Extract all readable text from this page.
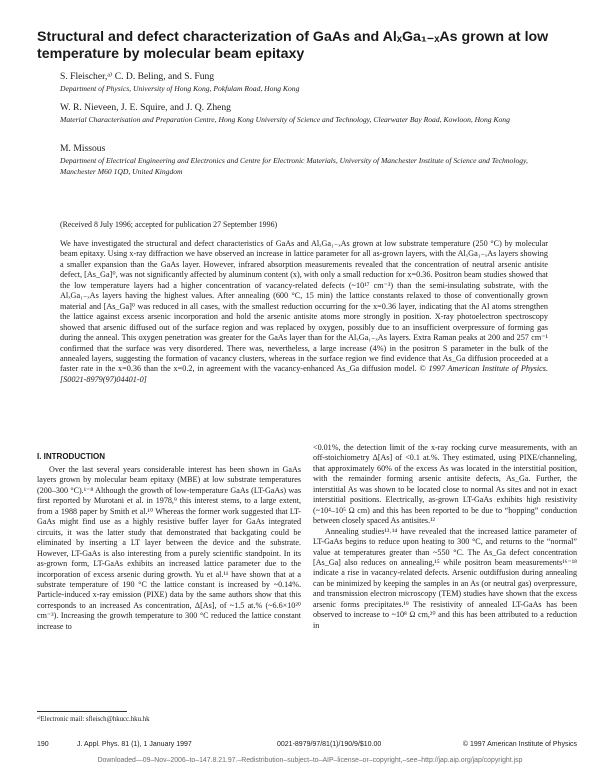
Structural and defect characterization of GaAs and AlₓGa₁₋ₓAs grown at low temperature by molecular beam epitaxy
S. Fleischer,ᵃ⁾ C. D. Beling, and S. Fung
Department of Physics, University of Hong Kong, Pokfulam Road, Hong Kong
W. R. Nieveen, J. E. Squire, and J. Q. Zheng
Material Characterisation and Preparation Centre, Hong Kong University of Science and Technology, Clearwater Bay Road, Kowloon, Hong Kong
M. Missous
Department of Electrical Engineering and Electronics and Centre for Electronic Materials, University of Manchester Institute of Science and Technology, Manchester M60 1QD, United Kingdom
(Received 8 July 1996; accepted for publication 27 September 1996)
We have investigated the structural and defect characteristics of GaAs and AlₓGa₁₋ₓAs grown at low substrate temperature (250 °C) by molecular beam epitaxy. Using x-ray diffraction we have observed an increase in lattice parameter for all as-grown layers, with the AlₓGa₁₋ₓAs layers showing a smaller expansion than the GaAs layer. However, infrared absorption measurements revealed that the concentration of neutral arsenic antisite defect, [As_Ga]⁰, was not significantly affected by aluminum content (x), with only a small reduction for x=0.36. Positron beam studies showed that the low temperature layers had a higher concentration of vacancy-related defects (~10¹⁷ cm⁻³) than the semi-insulating substrate, with the AlₓGa₁₋ₓAs layers having the highest values. After annealing (600 °C, 15 min) the lattice constants relaxed to those of conventionally grown material and [As_Ga]⁰ was reduced in all cases, with the smallest reduction occurring for the x=0.36 layer, indicating that the Al atoms strengthen the lattice against excess arsenic incorporation and hold the arsenic antisite atoms more strongly in position. X-ray photoelectron spectroscopy showed that arsenic diffused out of the surface region and was replaced by oxygen, possibly due to an insufficient overpressure of forming gas during the anneal. This oxygen penetration was greater for the GaAs layer than for the AlₓGa₁₋ₓAs layers. Extra Raman peaks at 200 and 257 cm⁻¹ confirmed that the surface was very disordered. There was, nevertheless, a large increase (4%) in the positron S parameter in the bulk of the annealed layers, suggesting the formation of vacancy clusters, whereas in the surface region we find evidence that As_Ga diffusion proceeded at a faster rate in the x=0.36 than the x=0.2, in agreement with the vacancy-enhanced As_Ga diffusion model. © 1997 American Institute of Physics. [S0021-8979(97)04401-0]
I. INTRODUCTION

Over the last several years considerable interest has been shown in GaAs layers grown by molecular beam epitaxy (MBE) at low substrate temperatures (200–300 °C).¹⁻⁸ Although the growth of low-temperature GaAs (LT-GaAs) was first reported by Murotani et al. in 1978,⁹ this interest stems, to a large extent, from a 1988 paper by Smith et al.¹⁰ Whereas the former work suggested that LT-GaAs might find use as a highly resistive buffer layer for GaAs integrated circuits, it was the latter study that demonstrated that backgating could be eliminated by inserting a LT layer between the device and the substrate. However, LT-GaAs is also interesting from a purely scientific standpoint. In its as-grown form, LT-GaAs exhibits an increased lattice parameter due to the incorporation of excess arsenic during growth. Yu et al.¹¹ have shown that at a substrate temperature of 190 °C the lattice constant is increased by ~0.14%. Particle-induced x-ray emission (PIXE) data by the same authors show that this corresponds to an increased As concentration, Δ[As], of ~1.5 at.% (~6.6×10²⁰ cm⁻³). Increasing the growth temperature to 300 °C reduced the lattice constant increase to

<0.01%, the detection limit of the x-ray rocking curve measurements, with an off-stoichiometry Δ[As] of <0.1 at.%. They estimated, using PIXE/channeling, that approximately 60% of the excess As was located in the interstitial position, with the remainder forming arsenic antisite defects, As_Ga. Further, the interstitial As was shown to be located close to normal As sites and not in exact interstitial positions. Electrically, as-grown LT-GaAs exhibits high resistivity (~10⁴–10⁵ Ω cm) and this has been reported to be due to “hopping” conduction between closely spaced As antisites.¹²

Annealing studies¹³˒¹⁴ have revealed that the increased lattice parameter of LT-GaAs begins to reduce upon heating to 300 °C, and returns to the “normal” value at temperatures greater than ~550 °C. The As_Ga defect concentration [As_Ga] also reduces on annealing,¹⁵ while positron beam measurements¹⁶⁻¹⁸ indicate a rise in vacancy-related defects. Arsenic outdiffusion during annealing can be minimized by keeping the samples in an As (or neutral gas) overpressure, and transmission electron microscopy (TEM) studies have shown that the excess arsenic forms precipitates.¹⁹ The resistivity of annealed LT-GaAs has been observed to increase to ~10⁸ Ω cm,²⁰ and this has been attributed to a reduction in

ᵃ⁾Electronic mail: sfleisch@hkucc.hku.hk
190	J. Appl. Phys. 81 (1), 1 January 1997	0021-8979/97/81(1)/190/9/$10.00	© 1997 American Institute of Physics
Downloaded—09–Nov–2006–to–147.8.21.97.–Redistribution–subject–to–AIP–license–or–copyright,–see–http://jap.aip.org/jap/copyright.jsp
